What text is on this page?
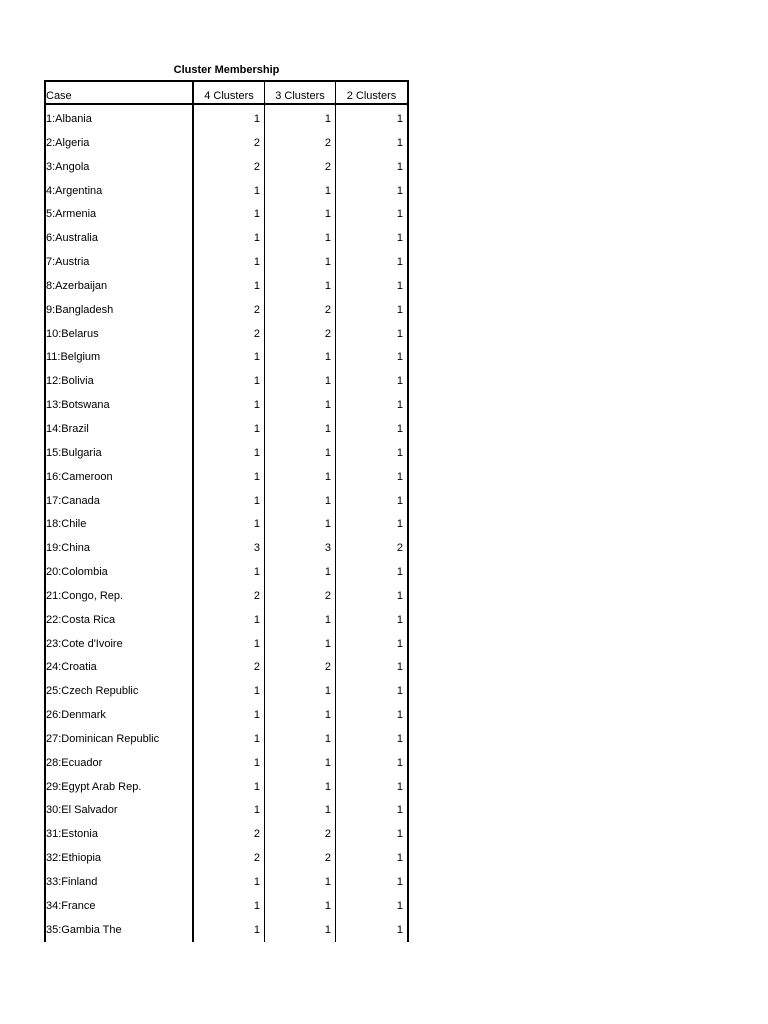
Cluster Membership
Case	4 Clusters	3 Clusters	2 Clusters
1:Albania	1	1	1
2:Algeria	2	2	1
3:Angola	2	2	1
4:Argentina	1	1	1
5:Armenia	1	1	1
6:Australia	1	1	1
7:Austria	1	1	1
8:Azerbaijan	1	1	1
9:Bangladesh	2	2	1
10:Belarus	2	2	1
11:Belgium	1	1	1
12:Bolivia	1	1	1
13:Botswana	1	1	1
14:Brazil	1	1	1
15:Bulgaria	1	1	1
16:Cameroon	1	1	1
17:Canada	1	1	1
18:Chile	1	1	1
19:China	3	3	2
20:Colombia	1	1	1
21:Congo, Rep.	2	2	1
22:Costa Rica	1	1	1
23:Cote d'Ivoire	1	1	1
24:Croatia	2	2	1
25:Czech Republic	1	1	1
26:Denmark	1	1	1
27:Dominican Republic	1	1	1
28:Ecuador	1	1	1
29:Egypt Arab Rep.	1	1	1
30:El Salvador	1	1	1
31:Estonia	2	2	1
32:Ethiopia	2	2	1
33:Finland	1	1	1
34:France	1	1	1
35:Gambia The	1	1	1
